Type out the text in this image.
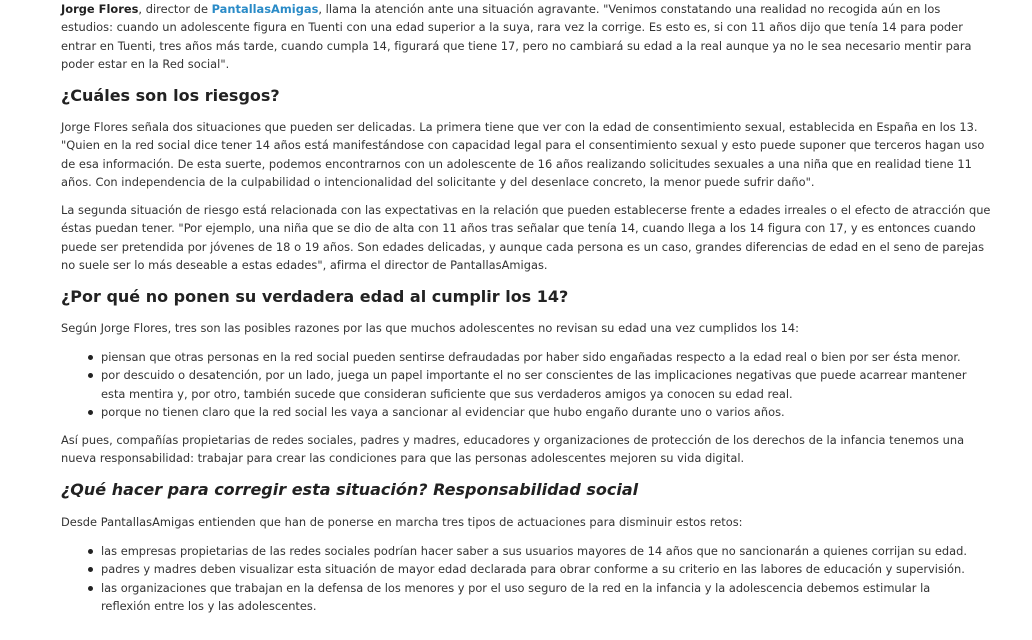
Jorge Flores, director de PantallasAmigas, llama la atención ante una situación agravante. "Venimos constatando una realidad no recogida aún en los estudios: cuando un adolescente figura en Tuenti con una edad superior a la suya, rara vez la corrige. Es esto es, si con 11 años dijo que tenía 14 para poder entrar en Tuenti, tres años más tarde, cuando cumpla 14, figurará que tiene 17, pero no cambiará su edad a la real aunque ya no le sea necesario mentir para poder estar en la Red social".

¿Cuáles son los riesgos?

Jorge Flores señala dos situaciones que pueden ser delicadas. La primera tiene que ver con la edad de consentimiento sexual, establecida en España en los 13. "Quien en la red social dice tener 14 años está manifestándose con capacidad legal para el consentimiento sexual y esto puede suponer que terceros hagan uso de esa información. De esta suerte, podemos encontrarnos con un adolescente de 16 años realizando solicitudes sexuales a una niña que en realidad tiene 11 años. Con independencia de la culpabilidad o intencionalidad del solicitante y del desenlace concreto, la menor puede sufrir daño".

La segunda situación de riesgo está relacionada con las expectativas en la relación que pueden establecerse frente a edades irreales o el efecto de atracción que éstas puedan tener. "Por ejemplo, una niña que se dio de alta con 11 años tras señalar que tenía 14, cuando llega a los 14 figura con 17, y es entonces cuando puede ser pretendida por jóvenes de 18 o 19 años. Son edades delicadas, y aunque cada persona es un caso, grandes diferencias de edad en el seno de parejas no suele ser lo más deseable a estas edades", afirma el director de PantallasAmigas.

¿Por qué no ponen su verdadera edad al cumplir los 14?

Según Jorge Flores, tres son las posibles razones por las que muchos adolescentes no revisan su edad una vez cumplidos los 14:

piensan que otras personas en la red social pueden sentirse defraudadas por haber sido engañadas respecto a la edad real o bien por ser ésta menor.
por descuido o desatención, por un lado, juega un papel importante el no ser conscientes de las implicaciones negativas que puede acarrear mantener esta mentira y, por otro, también sucede que consideran suficiente que sus verdaderos amigos ya conocen su edad real.
porque no tienen claro que la red social les vaya a sancionar al evidenciar que hubo engaño durante uno o varios años.

Así pues, compañías propietarias de redes sociales, padres y madres, educadores y organizaciones de protección de los derechos de la infancia tenemos una nueva responsabilidad: trabajar para crear las condiciones para que las personas adolescentes mejoren su vida digital.

¿Qué hacer para corregir esta situación? Responsabilidad social

Desde PantallasAmigas entienden que han de ponerse en marcha tres tipos de actuaciones para disminuir estos retos:

las empresas propietarias de las redes sociales podrían hacer saber a sus usuarios mayores de 14 años que no sancionarán a quienes corrijan su edad.
padres y madres deben visualizar esta situación de mayor edad declarada para obrar conforme a su criterio en las labores de educación y supervisión.
las organizaciones que trabajan en la defensa de los menores y por el uso seguro de la red en la infancia y la adolescencia debemos estimular la reflexión entre los y las adolescentes.
